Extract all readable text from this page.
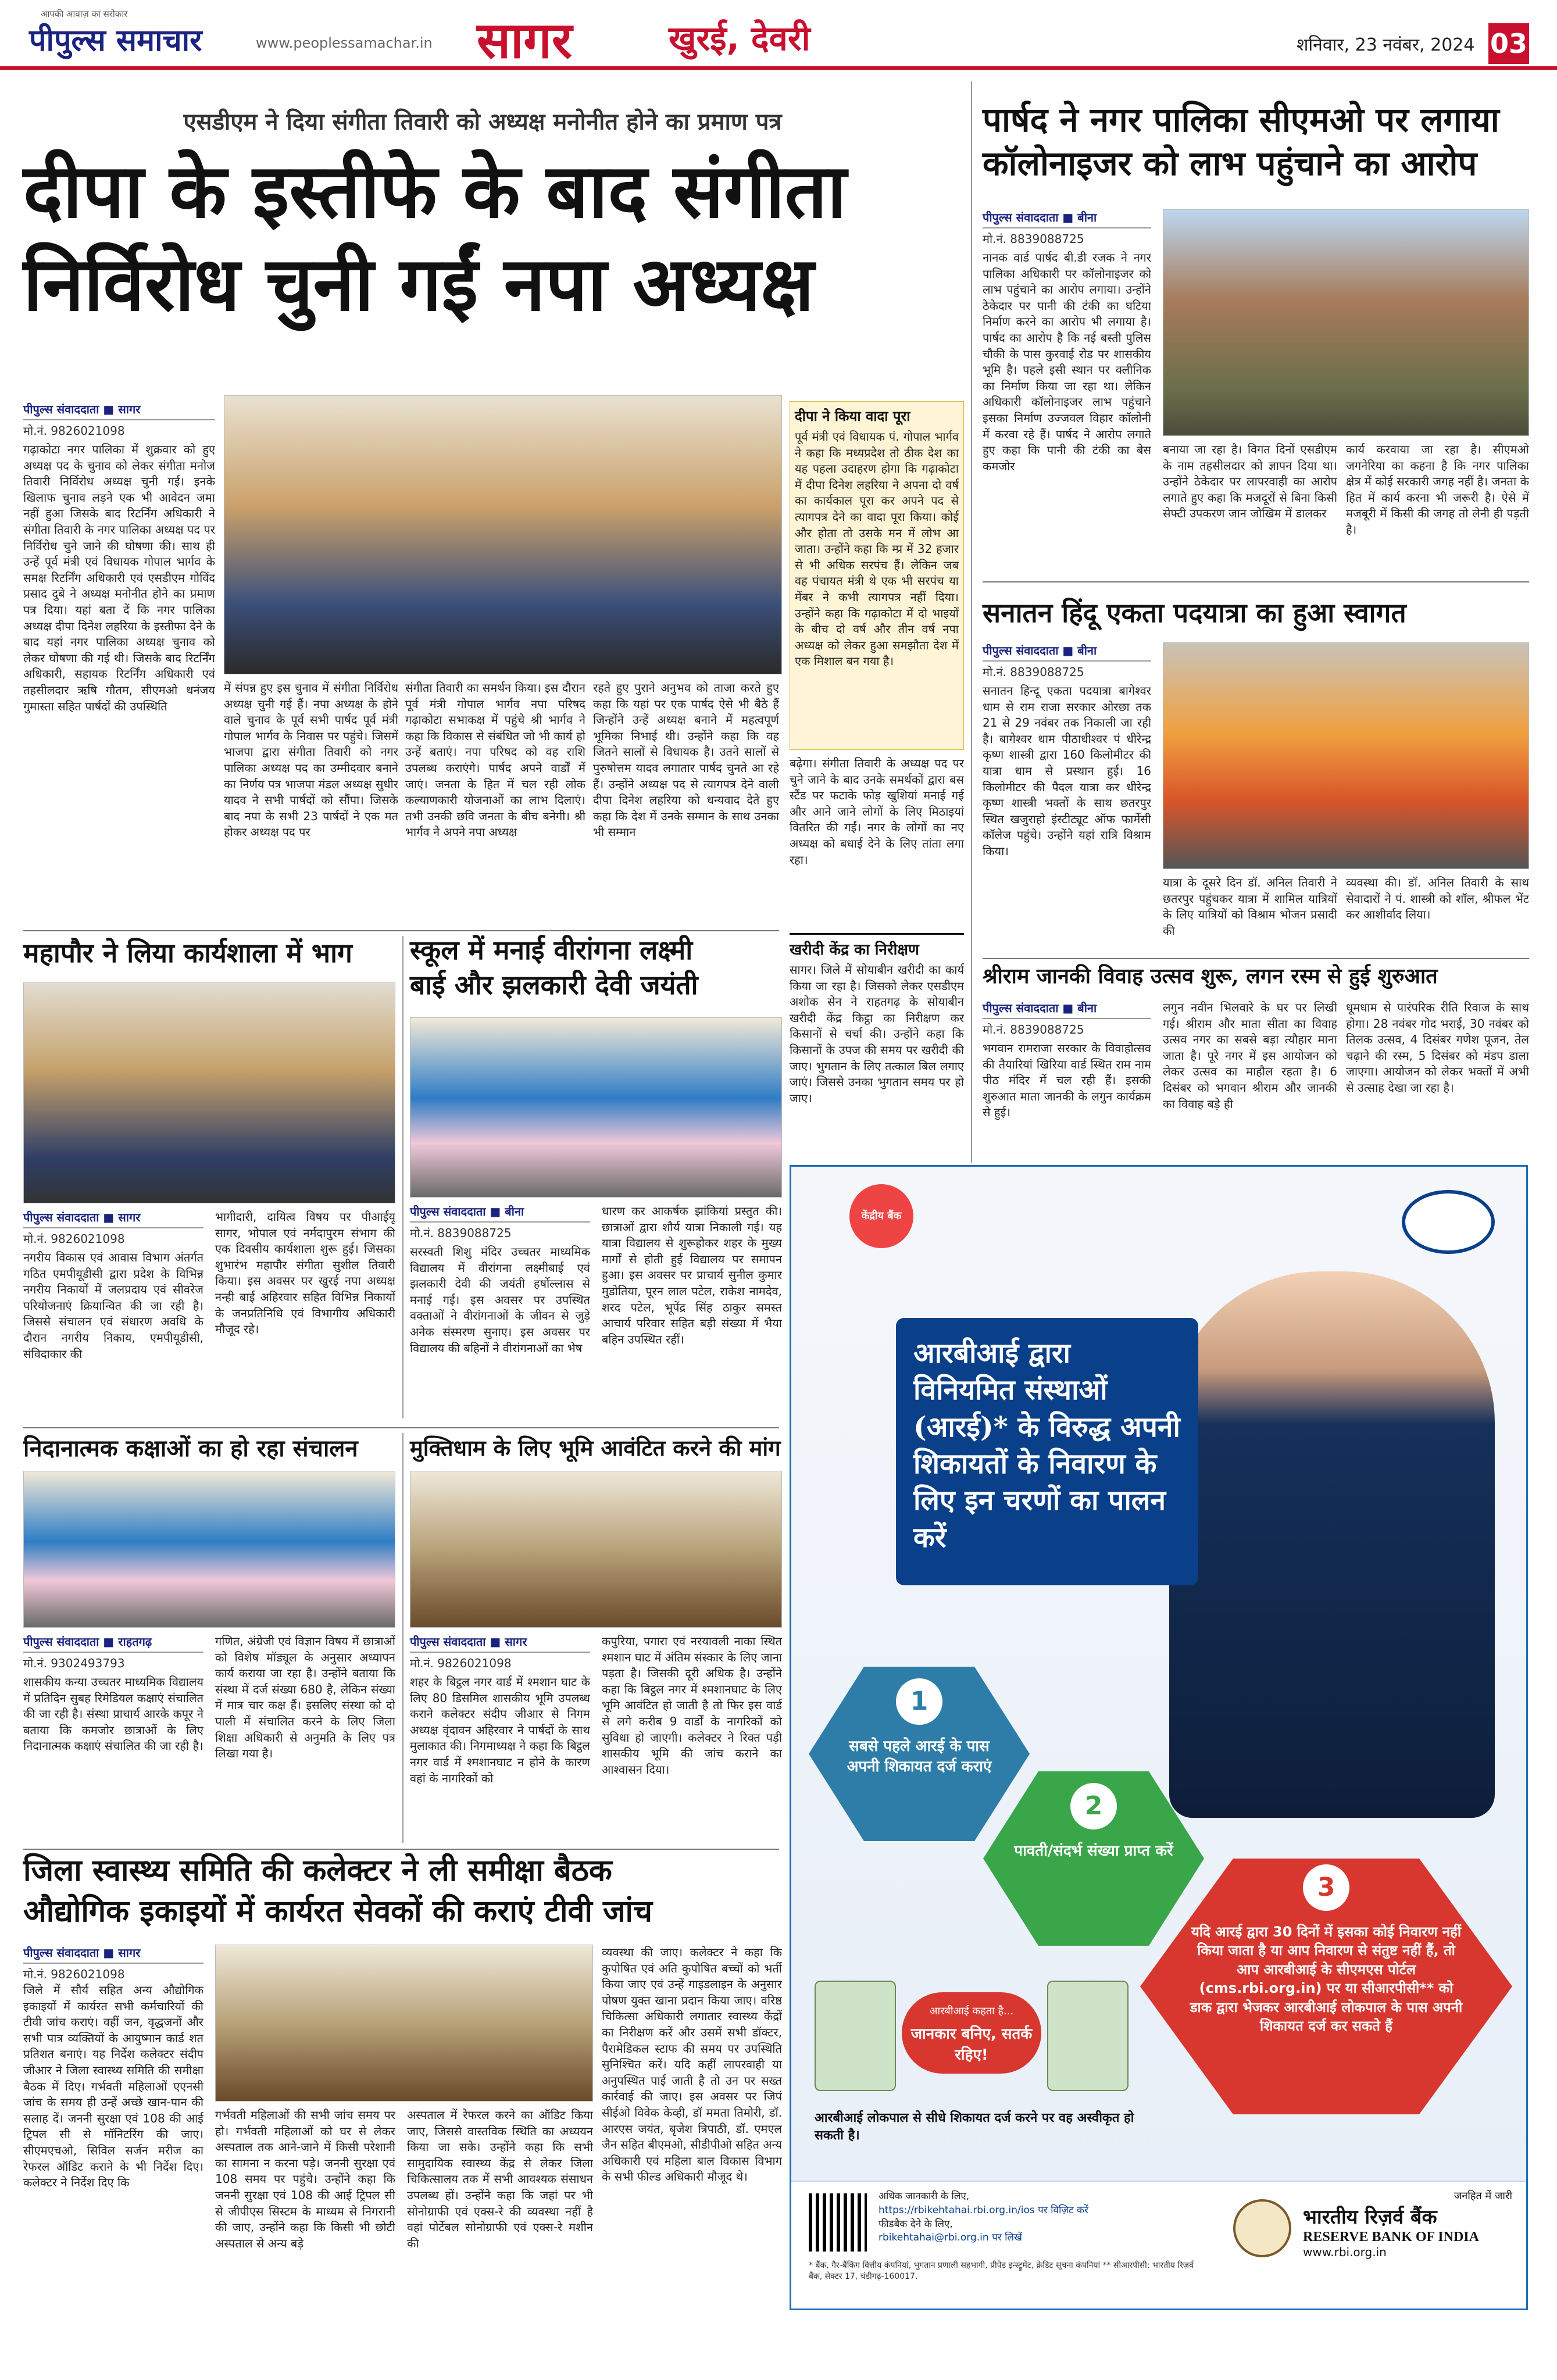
आपकी आवाज़ का सरोकार
पीपुल्स समाचार	www.peoplessamachar.in सागर	खुरई, देवरी	शनिवार, 23 नवंबर, 2024 03
एसडीएम ने दिया संगीता तिवारी को अध्यक्ष मनोनीत होने का प्रमाण पत्र
दीपा के इस्तीफे के बाद संगीता
निर्विरोध चुनी गईं नपा अध्यक्ष
पीपुल्स संवाददाता ■ सागर
मो.नं. 9826021098
गढ़ाकोटा नगर पालिका में शुक्रवार को हुए अध्यक्ष पद के चुनाव को लेकर संगीता मनोज तिवारी निर्विरोध अध्यक्ष चुनी गई। इनके खिलाफ चुनाव लड़ने एक भी आवेदन जमा नहीं हुआ जिसके बाद रिटर्निंग अधिकारी ने संगीता तिवारी के नगर पालिका अध्यक्ष पद पर निर्विरोध चुने जाने की घोषणा की। साथ ही उन्हें पूर्व मंत्री एवं विधायक गोपाल भार्गव के समक्ष रिटर्निंग अधिकारी एवं एसडीएम गोविंद प्रसाद दुबे ने अध्यक्ष मनोनीत होने का प्रमाण पत्र दिया। यहां बता दें कि नगर पालिका अध्यक्ष दीपा दिनेश लहरिया के इस्तीफा देने के बाद यहां नगर पालिका अध्यक्ष चुनाव को लेकर घोषणा की गई थी। जिसके बाद रिटर्निंग अधिकारी, सहायक रिटर्निंग अधिकारी एवं तहसीलदार ऋषि गौतम, सीएमओ धनंजय गुमास्ता सहित पार्षदों की उपस्थिति
में संपन्न हुए इस चुनाव में संगीता निर्विरोध अध्यक्ष चुनी गई हैं। नपा अध्यक्ष के होने वाले चुनाव के पूर्व सभी पार्षद पूर्व मंत्री गोपाल भार्गव के निवास पर पहुंचे। जिसमें भाजपा द्वारा संगीता तिवारी को नगर पालिका अध्यक्ष पद का उम्मीदवार बनाने का निर्णय पत्र भाजपा मंडल अध्यक्ष सुधीर यादव ने सभी पार्षदों को सौंपा। जिसके बाद नपा के सभी 23 पार्षदों ने एक मत होकर अध्यक्ष पद पर
संगीता तिवारी का समर्थन किया। इस दौरान पूर्व मंत्री गोपाल भार्गव नपा परिषद गढ़ाकोटा सभाकक्ष में पहुंचे श्री भार्गव ने कहा कि विकास से संबंधित जो भी कार्य हो उन्हें बताएं। नपा परिषद को वह राशि उपलब्ध कराएंगे। पार्षद अपने वार्डों में जाएं। जनता के हित में चल रही लोक कल्याणकारी योजनाओं का लाभ दिलाएं। तभी उनकी छवि जनता के बीच बनेगी। श्री भार्गव ने अपने नपा अध्यक्ष
रहते हुए पुराने अनुभव को ताजा करते हुए कहा कि यहां पर एक पार्षद ऐसे भी बैठे हैं जिन्होंने उन्हें अध्यक्ष बनाने में महत्वपूर्ण भूमिका निभाई थी। उन्होंने कहा कि वह जितने सालों से विधायक है। उतने सालों से पुरुषोत्तम यादव लगातार पार्षद चुनते आ रहे हैं। उन्होंने अध्यक्ष पद से त्यागपत्र देने वाली दीपा दिनेश लहरिया को धन्यवाद देते हुए कहा कि देश में उनके सम्मान के साथ उनका भी सम्मान
दीपा ने किया वादा पूरा
पूर्व मंत्री एवं विधायक पं. गोपाल भार्गव ने कहा कि मध्यप्रदेश तो ठीक देश का यह पहला उदाहरण होगा कि गढ़ाकोटा में दीपा दिनेश लहरिया ने अपना दो वर्ष का कार्यकाल पूरा कर अपने पद से त्यागपत्र देने का वादा पूरा किया। कोई और होता तो उसके मन में लोभ आ जाता। उन्होंने कहा कि म्प्र में 32 हजार से भी अधिक सरपंच हैं। लेकिन जब वह पंचायत मंत्री थे एक भी सरपंच या मेंबर ने कभी त्यागपत्र नहीं दिया। उन्होंने कहा कि गढ़ाकोटा में दो भाइयों के बीच दो वर्ष और तीन वर्ष नपा अध्यक्ष को लेकर हुआ समझौता देश में एक मिशाल बन गया है।
बढ़ेगा। संगीता तिवारी के अध्यक्ष पद पर चुने जाने के बाद उनके समर्थकों द्वारा बस स्टैंड पर फटाके फोड़ खुशियां मनाई गई और आने जाने लोगों के लिए मिठाइयां वितरित की गईं। नगर के लोगों का नए अध्यक्ष को बधाई देने के लिए तांता लगा रहा।
खरीदी केंद्र का निरीक्षण
सागर। जिले में सोयाबीन खरीदी का कार्य किया जा रहा है। जिसको लेकर एसडीएम अशोक सेन ने राहतगढ़ के सोयाबीन खरीदी केंद्र किट्ठा का निरीक्षण कर किसानों से चर्चा की। उन्होंने कहा कि किसानों के उपज की समय पर खरीदी की जाए। भुगतान के लिए तत्काल बिल लगाए जाएं। जिससे उनका भुगतान समय पर हो जाए।
पार्षद ने नगर पालिका सीएमओ पर लगाया
कॉलोनाइजर को लाभ पहुंचाने का आरोप
पीपुल्स संवाददाता ■ बीना
मो.नं. 8839088725
नानक वार्ड पार्षद बी.डी रजक ने नगर पालिका अधिकारी पर कॉलोनाइजर को लाभ पहुंचाने का आरोप लगाया। उन्होंने ठेकेदार पर पानी की टंकी का घटिया निर्माण करने का आरोप भी लगाया है। पार्षद का आरोप है कि नई बस्ती पुलिस चौकी के पास कुरवाई रोड पर शासकीय भूमि है। पहले इसी स्थान पर क्लीनिक का निर्माण किया जा रहा था। लेकिन अधिकारी कॉलोनाइजर लाभ पहुंचाने इसका निर्माण उज्जवल विहार कॉलोनी में करवा रहे हैं। पार्षद ने आरोप लगाते हुए कहा कि पानी की टंकी का बेस कमजोर
बनाया जा रहा है। विगत दिनों एसडीएम के नाम तहसीलदार को ज्ञापन दिया था। उन्होंने ठेकेदार पर लापरवाही का आरोप लगाते हुए कहा कि मजदूरों से बिना किसी सेफ्टी उपकरण जान जोखिम में डालकर
कार्य करवाया जा रहा है। सीएमओ जगनेरिया का कहना है कि नगर पालिका क्षेत्र में कोई सरकारी जगह नहीं है। जनता के हित में कार्य करना भी जरूरी है। ऐसे में मजबूरी में किसी की जगह तो लेनी ही पड़ती है।
सनातन हिंदू एकता पदयात्रा का हुआ स्वागत
पीपुल्स संवाददाता ■ बीना
मो.नं. 8839088725
सनातन हिन्दू एकता पदयात्रा बागेश्वर धाम से राम राजा सरकार ओरछा तक 21 से 29 नवंबर तक निकाली जा रही है। बागेश्वर धाम पीठाधीश्वर पं धीरेन्द्र कृष्ण शास्त्री द्वारा 160 किलोमीटर की यात्रा धाम से प्रस्थान हुई। 16 किलोमीटर की पैदल यात्रा कर धीरेन्द्र कृष्ण शास्त्री भक्तों के साथ छतरपुर स्थित खजुराहो इंस्टीट्यूट ऑफ फार्मेसी कॉलेज पहुंचे। उन्होंने यहां रात्रि विश्राम किया।
यात्रा के दूसरे दिन डॉ. अनिल तिवारी ने छतरपुर पहुंचकर यात्रा में शामिल यात्रियों के लिए यात्रियों को विश्राम भोजन प्रसादी की
व्यवस्था की। डॉ. अनिल तिवारी के साथ सेवादारों ने पं. शास्त्री को शॉल, श्रीफल भेंट कर आशीर्वाद लिया।
श्रीराम जानकी विवाह उत्सव शुरू, लगन रस्म से हुई शुरुआत
पीपुल्स संवाददाता ■ बीना
मो.नं. 8839088725
भगवान रामराजा सरकार के विवाहोत्सव की तैयारियां खिरिया वार्ड स्थित राम नाम पीठ मंदिर में चल रही हैं। इसकी शुरुआत माता जानकी के लगुन कार्यक्रम से हुई।
लगुन नवीन भिलवारे के घर पर लिखी गई। श्रीराम और माता सीता का विवाह उत्सव नगर का सबसे बड़ा त्यौहार माना जाता है। पूरे नगर में इस आयोजन को लेकर उत्सव का माहौल रहता है। 6 दिसंबर को भगवान श्रीराम और जानकी का विवाह बड़े ही
धूमधाम से पारंपरिक रीति रिवाज के साथ होगा। 28 नवंबर गोद भराई, 30 नवंबर को तिलक उत्सव, 4 दिसंबर गणेश पूजन, तेल चढ़ाने की रस्म, 5 दिसंबर को मंडप डाला जाएगा। आयोजन को लेकर भक्तों में अभी से उत्साह देखा जा रहा है।
महापौर ने लिया कार्यशाला में भाग
पीपुल्स संवाददाता ■ सागर
मो.नं. 9826021098
नगरीय विकास एवं आवास विभाग अंतर्गत गठित एमपीयूडीसी द्वारा प्रदेश के विभिन्न नगरीय निकायों में जलप्रदाय एवं सीवरेज परियोजनाएं क्रियान्वित की जा रही है। जिससे संचालन एवं संधारण अवधि के दौरान नगरीय निकाय, एमपीयूडीसी, संविदाकार की
भागीदारी, दायित्व विषय पर पीआईयू सागर, भोपाल एवं नर्मदापुरम संभाग की एक दिवसीय कार्यशाला शुरू हुई। जिसका शुभारंभ महापौर संगीता सुशील तिवारी किया। इस अवसर पर खुरई नपा अध्यक्ष नन्ही बाई अहिरवार सहित विभिन्न निकायों के जनप्रतिनिधि एवं विभागीय अधिकारी मौजूद रहे।
स्कूल में मनाई वीरांगना लक्ष्मी
बाई और झलकारी देवी जयंती
पीपुल्स संवाददाता ■ बीना
मो.नं. 8839088725
सरस्वती शिशु मंदिर उच्चतर माध्यमिक विद्यालय में वीरांगना लक्ष्मीबाई एवं झलकारी देवी की जयंती हर्षोल्लास से मनाई गई। इस अवसर पर उपस्थित वक्ताओं ने वीरांगनाओं के जीवन से जुड़े अनेक संस्मरण सुनाए। इस अवसर पर विद्यालय की बहिनों ने वीरांगनाओं का भेष
धारण कर आकर्षक झांकियां प्रस्तुत की। छात्राओं द्वारा शौर्य यात्रा निकाली गई। यह यात्रा विद्यालय से शुरूहोकर शहर के मुख्य मार्गों से होती हुई विद्यालय पर समापन हुआ। इस अवसर पर प्राचार्य सुनील कुमार मुडोतिया, पूरन लाल पटेल, राकेश नामदेव, शरद पटेल, भूपेंद्र सिंह ठाकुर समस्त आचार्य परिवार सहित बड़ी संख्या में भैया बहिन उपस्थित रहीं।
निदानात्मक कक्षाओं का हो रहा संचालन
पीपुल्स संवाददाता ■ राहतगढ़
मो.नं. 9302493793
शासकीय कन्या उच्चतर माध्यमिक विद्यालय में प्रतिदिन सुबह रिमेडियल कक्षाएं संचालित की जा रही है। संस्था प्राचार्य आरके कपूर ने बताया कि कमजोर छात्राओं के लिए निदानात्मक कक्षाएं संचालित की जा रही है।
गणित, अंग्रेजी एवं विज्ञान विषय में छात्राओं को विशेष मॉड्यूल के अनुसार अध्यापन कार्य कराया जा रहा है। उन्होंने बताया कि संस्था में दर्ज संख्या 680 है, लेकिन संख्या में मात्र चार कक्ष हैं। इसलिए संस्था को दो पाली में संचालित करने के लिए जिला शिक्षा अधिकारी से अनुमति के लिए पत्र लिखा गया है।
मुक्तिधाम के लिए भूमि आवंटित करने की मांग
पीपुल्स संवाददाता ■ सागर
मो.नं. 9826021098
शहर के बिट्ठल नगर वार्ड में श्मशान घाट के लिए 80 डिसमिल शासकीय भूमि उपलब्ध कराने कलेक्टर संदीप जीआर से निगम अध्यक्ष वृंदावन अहिरवार ने पार्षदों के साथ मुलाकात की। निगमाध्यक्ष ने कहा कि बिट्ठल नगर वार्ड में श्मशानघाट न होने के कारण वहां के नागरिकों को
कपुरिया, पगारा एवं नरयावली नाका स्थित श्मशान घाट में अंतिम संस्कार के लिए जाना पड़ता है। जिसकी दूरी अधिक है। उन्होंने कहा कि बिट्ठल नगर में श्मशानघाट के लिए भूमि आवंटित हो जाती है तो फिर इस वार्ड से लगे करीब 9 वार्डों के नागरिकों को सुविधा हो जाएगी। कलेक्टर ने रिक्त पड़ी शासकीय भूमि की जांच कराने का आश्वासन दिया।
जिला स्वास्थ्य समिति की कलेक्टर ने ली समीक्षा बैठक
औद्योगिक इकाइयों में कार्यरत सेवकों की कराएं टीवी जांच
पीपुल्स संवाददाता ■ सागर
मो.नं. 9826021098
जिले में सौर्य सहित अन्य औद्योगिक इकाइयों में कार्यरत सभी कर्मचारियों की टीवी जांच कराएं। वहीं जन, वृद्धजनों और सभी पात्र व्यक्तियों के आयुष्मान कार्ड शत प्रतिशत बनाएं। यह निर्देश कलेक्टर संदीप जीआर ने जिला स्वास्थ्य समिति की समीक्षा बैठक में दिए। गर्भवती महिलाओं एएनसी जांच के समय ही उन्हें अच्छे खान-पान की सलाह दें। जननी सुरक्षा एवं 108 की आई ट्रिपल सी से मॉनिटरिंग की जाए। सीएमएचओ, सिविल सर्जन मरीज का रेफरल ऑडिट कराने के भी निर्देश दिए। कलेक्टर ने निर्देश दिए कि
गर्भवती महिलाओं की सभी जांच समय पर हो। गर्भवती महिलाओं को घर से लेकर अस्पताल तक आने-जाने में किसी परेशानी का सामना न करना पड़े। जननी सुरक्षा एवं 108 समय पर पहुंचे। उन्होंने कहा कि जननी सुरक्षा एवं 108 की आई ट्रिपल सी से जीपीएस सिस्टम के माध्यम से निगरानी की जाए, उन्होंने कहा कि किसी भी छोटी अस्पताल से अन्य बड़े
अस्पताल में रेफरल करने का ऑडिट किया जाए, जिससे वास्तविक स्थिति का अध्ययन किया जा सके। उन्होंने कहा कि सभी सामुदायिक स्वास्थ्य केंद्र से लेकर जिला चिकित्सालय तक में सभी आवश्यक संसाधन उपलब्ध हों। उन्होंने कहा कि जहां पर भी सोनोग्राफी एवं एक्स-रे की व्यवस्था नहीं है वहां पोर्टेबल सोनोग्राफी एवं एक्स-रे मशीन की
व्यवस्था की जाए। कलेक्टर ने कहा कि कुपोषित एवं अति कुपोषित बच्चों को भर्ती किया जाए एवं उन्हें गाइडलाइन के अनुसार पोषण युक्त खाना प्रदान किया जाए। वरिष्ठ चिकित्सा अधिकारी लगातार स्वास्थ्य केंद्रों का निरीक्षण करें और उसमें सभी डॉक्टर, पैरामेडिकल स्टाफ की समय पर उपस्थिति सुनिश्चित करें। यदि कहीं लापरवाही या अनुपस्थित पाई जाती है तो उन पर सख्त कार्रवाई की जाए। इस अवसर पर जिपं सीईओ विवेक केव्ही, डॉ ममता तिमोरी, डॉ. आरएस जयंत, बृजेश त्रिपाठी, डॉ. एमएल जैन सहित बीएमओ, सीडीपीओ सहित अन्य अधिकारी एवं महिला बाल विकास विभाग के सभी फील्ड अधिकारी मौजूद थे।
केंद्रीय बैंक
आरबीआई द्वारा विनियमित संस्थाओं (आरई)* के विरुद्ध अपनी शिकायतों के निवारण के लिए इन चरणों का पालन करें
1
सबसे पहले आरई के पास अपनी शिकायत दर्ज कराएं
2
पावती/संदर्भ संख्या प्राप्त करें
3
यदि आरई द्वारा 30 दिनों में इसका कोई निवारण नहीं किया जाता है या आप निवारण से संतुष्ट नहीं हैं, तो आप आरबीआई के सीएमएस पोर्टल (cms.rbi.org.in) पर या सीआरपीसी** को डाक द्वारा भेजकर आरबीआई लोकपाल के पास अपनी शिकायत दर्ज कर सकते हैं
आरबीआई कहता है...
जानकार बनिए, सतर्क रहिए!
आरबीआई लोकपाल से सीधे शिकायत दर्ज करने पर वह अस्वीकृत हो सकती है।
अधिक जानकारी के लिए,
https://rbikehtahai.rbi.org.in/ios पर विज़िट करें
फीडबैक देने के लिए,
rbikehtahai@rbi.org.in पर लिखें
* बैंक, गैर-बैंकिंग वित्तीय कंपनियां, भुगतान प्रणाली सहभागी, प्रीपेड इन्स्ट्रूमेंट, क्रेडिट सूचना कंपनियां ** सीआरपीसी: भारतीय रिज़र्व बैंक, सेक्टर 17, चंडीगढ़-160017.
जनहित में जारी
भारतीय रिज़र्व बैंक
RESERVE BANK OF INDIA
www.rbi.org.in
